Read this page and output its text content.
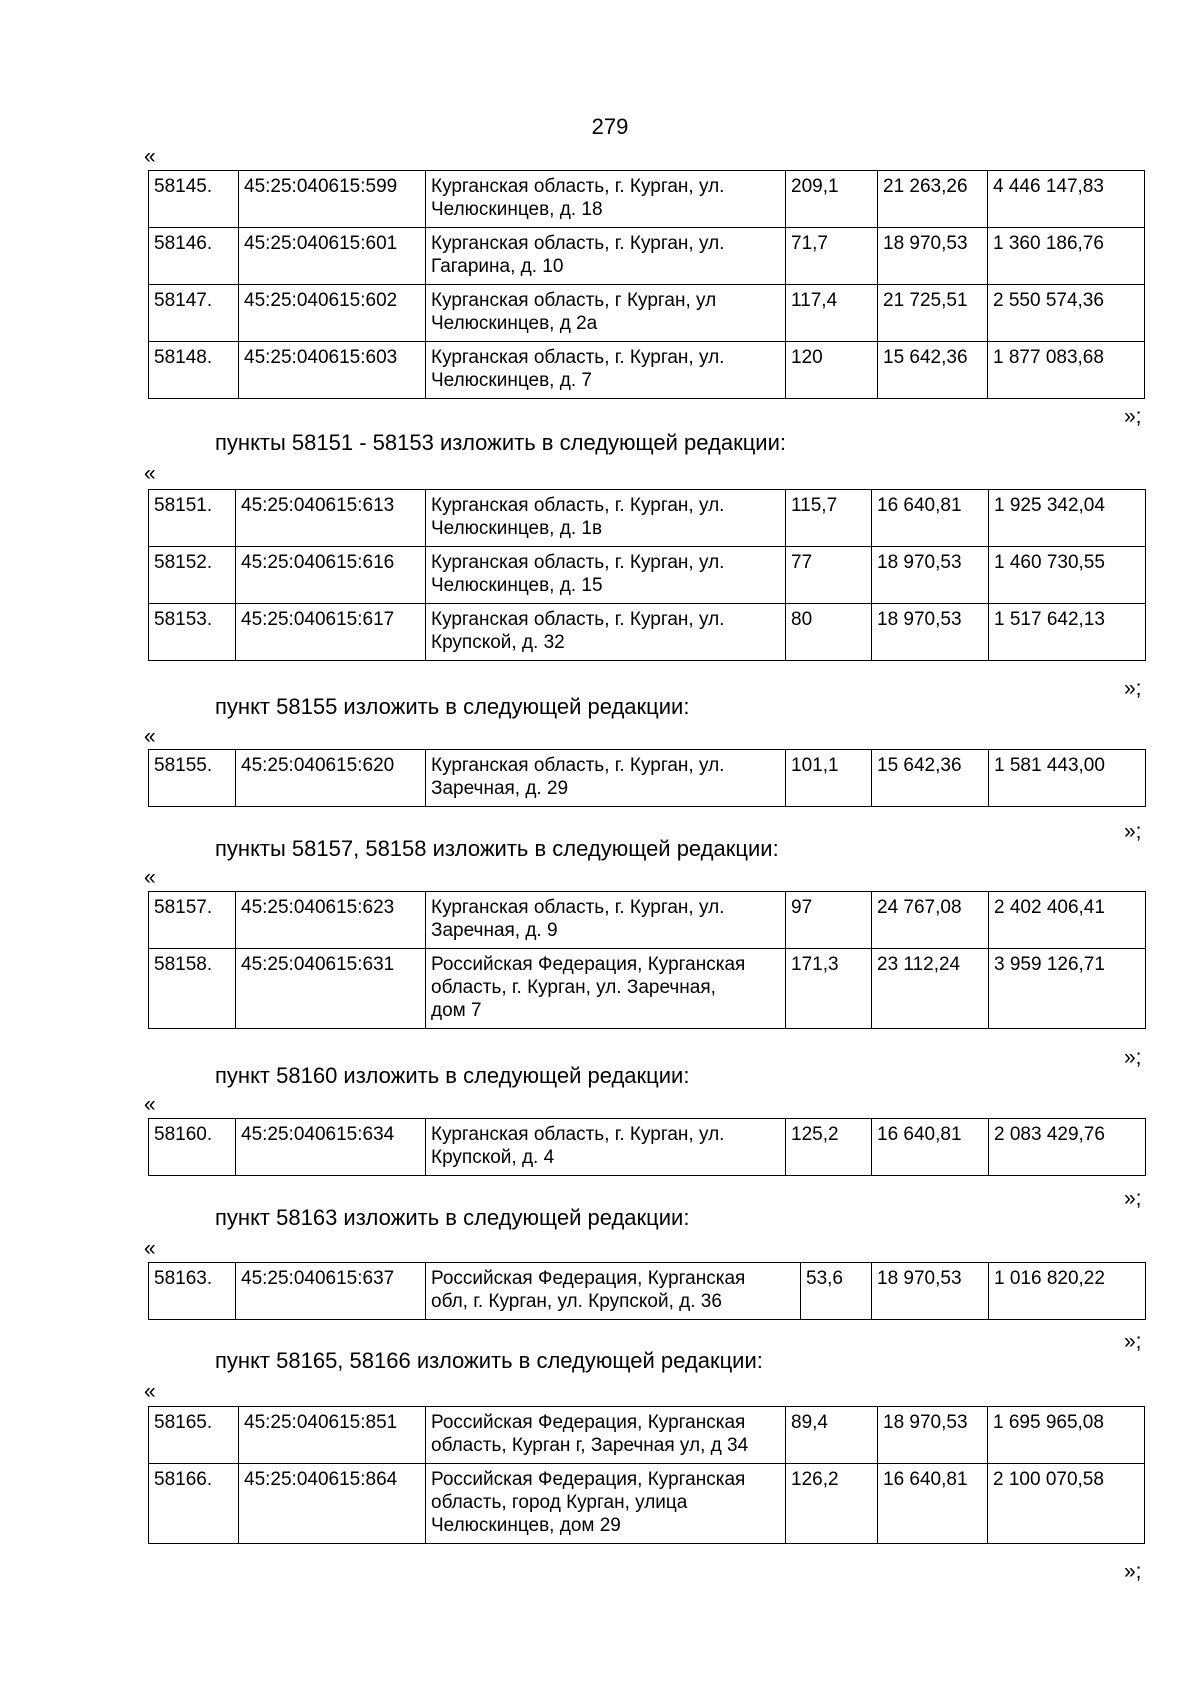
279
«
58145.	45:25:040615:599	Курганская область, г. Курган, ул.
Челюскинцев, д. 18	209,1	21 263,26	4 446 147,83
58146.	45:25:040615:601	Курганская область, г. Курган, ул.
Гагарина, д. 10	71,7	18 970,53	1 360 186,76
58147.	45:25:040615:602	Курганская область, г Курган, ул
Челюскинцев, д 2а	117,4	21 725,51	2 550 574,36
58148.	45:25:040615:603	Курганская область, г. Курган, ул.
Челюскинцев, д. 7	120	15 642,36	1 877 083,68
»;
пункты 58151 - 58153 изложить в следующей редакции:
«
58151.	45:25:040615:613	Курганская область, г. Курган, ул.
Челюскинцев, д. 1в	115,7	16 640,81	1 925 342,04
58152.	45:25:040615:616	Курганская область, г. Курган, ул.
Челюскинцев, д. 15	77	18 970,53	1 460 730,55
58153.	45:25:040615:617	Курганская область, г. Курган, ул.
Крупской, д. 32	80	18 970,53	1 517 642,13
»;
пункт 58155 изложить в следующей редакции:
«
58155.	45:25:040615:620	Курганская область, г. Курган, ул.
Заречная, д. 29	101,1	15 642,36	1 581 443,00
»;
пункты 58157, 58158 изложить в следующей редакции:
«
58157.	45:25:040615:623	Курганская область, г. Курган, ул.
Заречная, д. 9	97	24 767,08	2 402 406,41
58158.	45:25:040615:631	Российская Федерация, Курганская
область, г. Курган, ул. Заречная,
дом 7	171,3	23 112,24	3 959 126,71
»;
пункт 58160 изложить в следующей редакции:
«
58160.	45:25:040615:634	Курганская область, г. Курган, ул.
Крупской, д. 4	125,2	16 640,81	2 083 429,76
»;
пункт 58163 изложить в следующей редакции:
«
58163.	45:25:040615:637	Российская Федерация, Курганская
обл, г. Курган, ул. Крупской, д. 36	53,6	18 970,53	1 016 820,22
»;
пункт 58165, 58166 изложить в следующей редакции:
«
58165.	45:25:040615:851	Российская Федерация, Курганская
область, Курган г, Заречная ул, д 34	89,4	18 970,53	1 695 965,08
58166.	45:25:040615:864	Российская Федерация, Курганская
область, город Курган, улица
Челюскинцев, дом 29	126,2	16 640,81	2 100 070,58
»;
